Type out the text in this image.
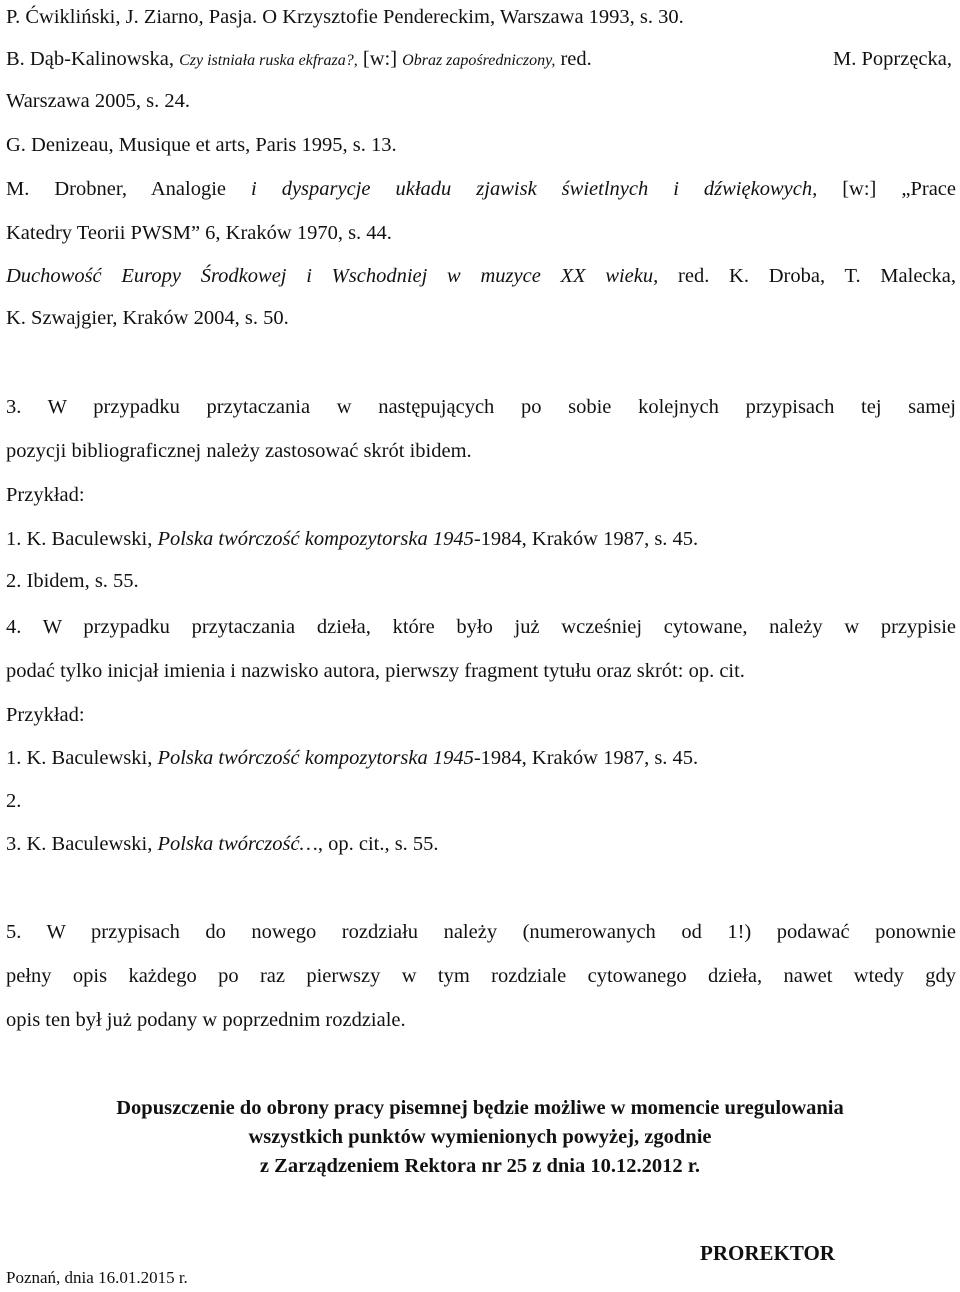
P. Ćwikliński, J. Ziarno, Pasja. O Krzysztofie Pendereckim, Warszawa 1993, s. 30.
B. Dąb-Kalinowska, Czy istniała ruska ekfraza?, [w:] Obraz zapośredniczony, red.	M. Poprzęcka,
Warszawa 2005, s. 24.
G. Denizeau, Musique et arts, Paris 1995, s. 13.
M. Drobner, Analogie i dysparycje układu zjawisk świetlnych i dźwiękowych, [w:] „Prace
Katedry Teorii PWSM” 6, Kraków 1970, s. 44.
Duchowość Europy Środkowej i Wschodniej w muzyce XX wieku, red. K. Droba, T. Malecka,
K. Szwajgier, Kraków 2004, s. 50.
3. W przypadku przytaczania w następujących po sobie kolejnych przypisach tej samej
pozycji bibliograficznej należy zastosować skrót ibidem.
Przykład:
1. K. Baculewski, Polska twórczość kompozytorska 1945-1984, Kraków 1987, s. 45.
2. Ibidem, s. 55.
4. W przypadku przytaczania dzieła, które było już wcześniej cytowane, należy w przypisie
podać tylko inicjał imienia i nazwisko autora, pierwszy fragment tytułu oraz skrót: op. cit.
Przykład:
1. K. Baculewski, Polska twórczość kompozytorska 1945-1984, Kraków 1987, s. 45.
2.
3. K. Baculewski, Polska twórczość…, op. cit., s. 55.
5. W przypisach do nowego rozdziału należy (numerowanych od 1!) podawać ponownie
pełny opis każdego po raz pierwszy w tym rozdziale cytowanego dzieła, nawet wtedy gdy
opis ten był już podany w poprzednim rozdziale.
Dopuszczenie do obrony pracy pisemnej będzie możliwe w momencie uregulowania
wszystkich punktów wymienionych powyżej, zgodnie
z Zarządzeniem Rektora nr 25 z dnia 10.12.2012 r.
PROREKTOR
Poznań, dnia 16.01.2015 r.
